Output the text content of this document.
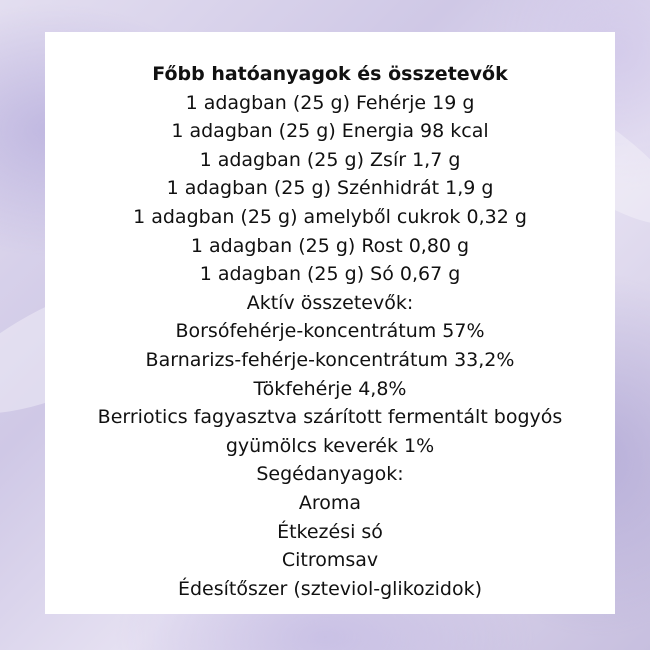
Főbb hatóanyagok és összetevők

1 adagban (25 g) Fehérje 19 g

1 adagban (25 g) Energia 98 kcal

1 adagban (25 g) Zsír 1,7 g

1 adagban (25 g) Szénhidrát 1,9 g

1 adagban (25 g) amelyből cukrok 0,32 g

1 adagban (25 g) Rost 0,80 g

1 adagban (25 g) Só 0,67 g

Aktív összetevők:

Borsófehérje-koncentrátum 57%

Barnarizs-fehérje-koncentrátum 33,2%

Tökfehérje 4,8%

Berriotics fagyasztva szárított fermentált bogyós

gyümölcs keverék 1%

Segédanyagok:

Aroma

Étkezési só

Citromsav

Édesítőszer (szteviol-glikozidok)
